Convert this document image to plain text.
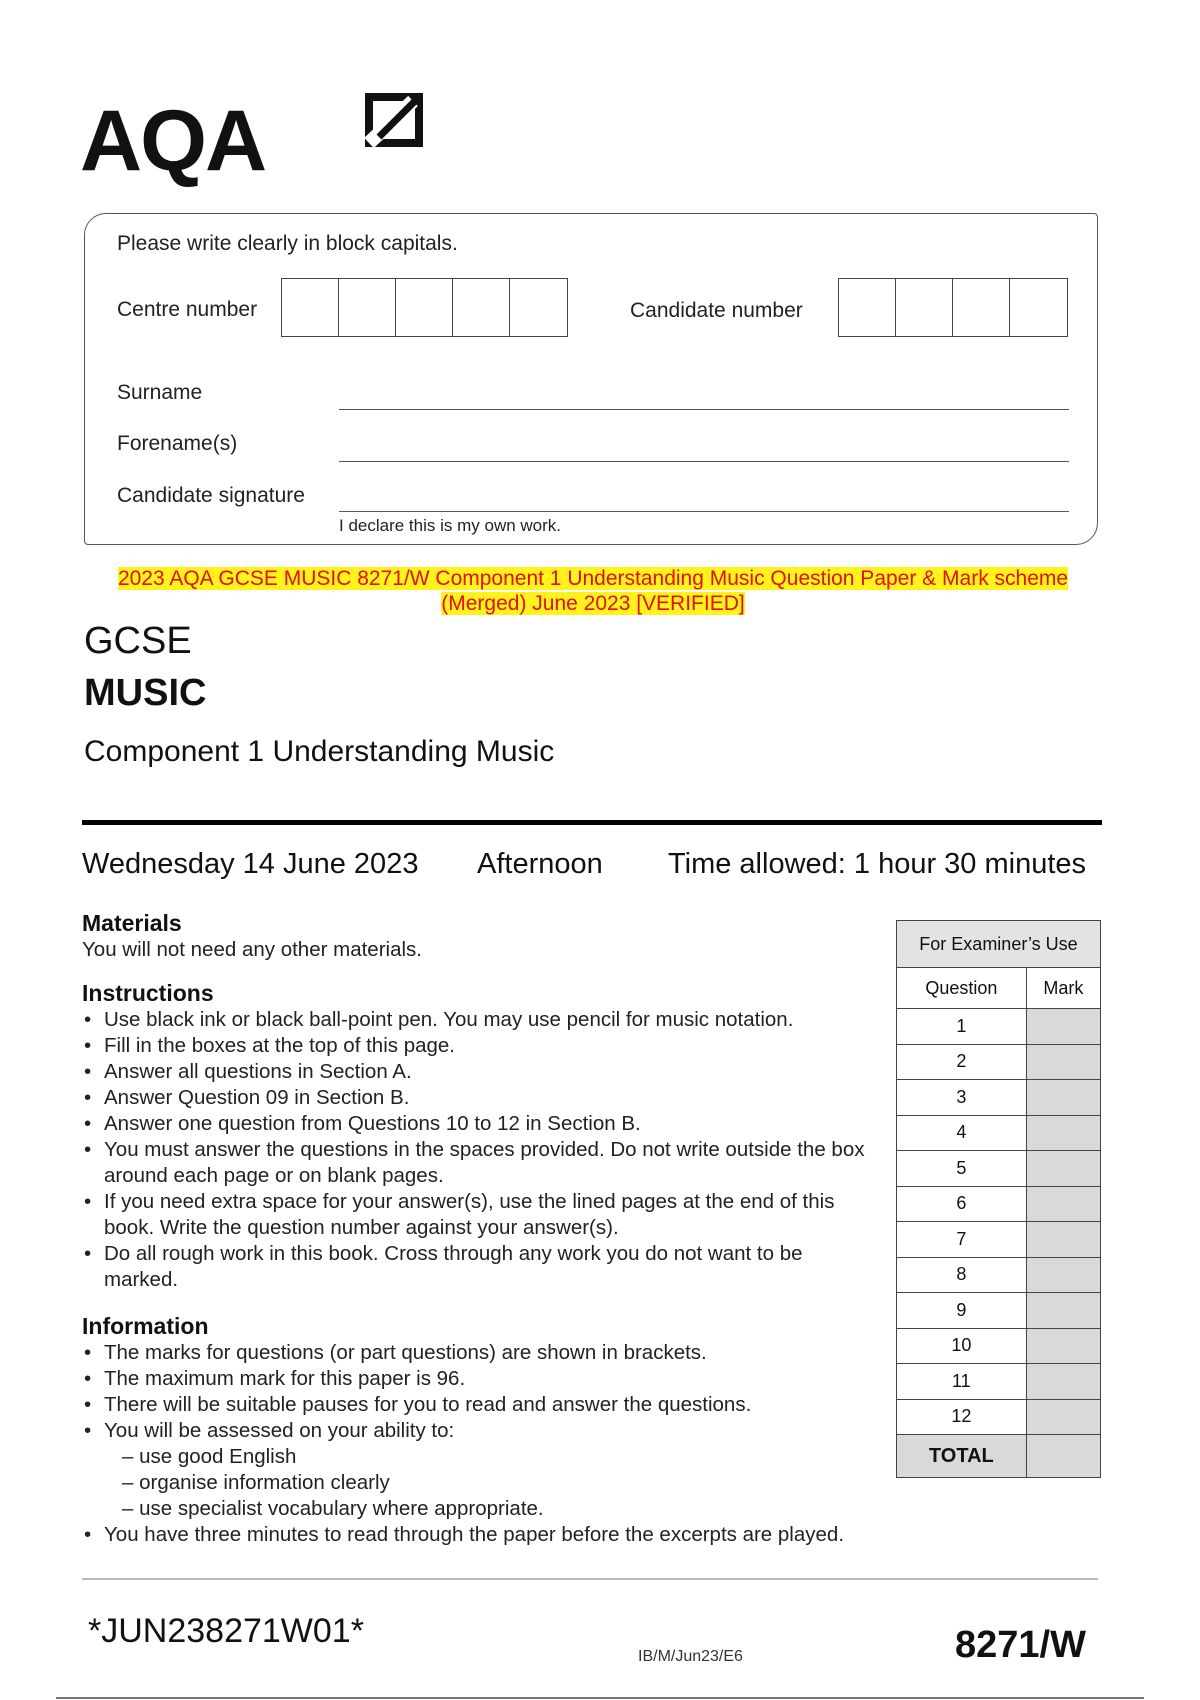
AQA
Please write clearly in block capitals.
Centre number	Candidate number
Surname
Forename(s)
Candidate signature
I declare this is my own work.
2023 AQA GCSE MUSIC 8271/W Component 1 Understanding Music Question Paper & Mark scheme
(Merged) June 2023 [VERIFIED]
GCSE
MUSIC
Component 1 Understanding Music
Wednesday 14 June 2023 Afternoon Time allowed: 1 hour 30 minutes
Materials
You will not need any other materials.
Instructions
• Use black ink or black ball-point pen. You may use pencil for music notation.
• Fill in the boxes at the top of this page.
• Answer all questions in Section A.
• Answer Question 09 in Section B.
• Answer one question from Questions 10 to 12 in Section B.
• You must answer the questions in the spaces provided. Do not write outside the box around each page or on blank pages.
• If you need extra space for your answer(s), use the lined pages at the end of this book. Write the question number against your answer(s).
• Do all rough work in this book. Cross through any work you do not want to be marked.
Information
• The marks for questions (or part questions) are shown in brackets.
• The maximum mark for this paper is 96.
• There will be suitable pauses for you to read and answer the questions.
• You will be assessed on your ability to:
– use good English
– organise information clearly
– use specialist vocabulary where appropriate.
• You have three minutes to read through the paper before the excerpts are played.
For Examiner’s Use	
Question	Mark
1	
2	
3	
4	
5	
6	
7	
8	
9	
10	
11	
12	
TOTAL	
*JUN238271W01*
IB/M/Jun23/E6	8271/W
